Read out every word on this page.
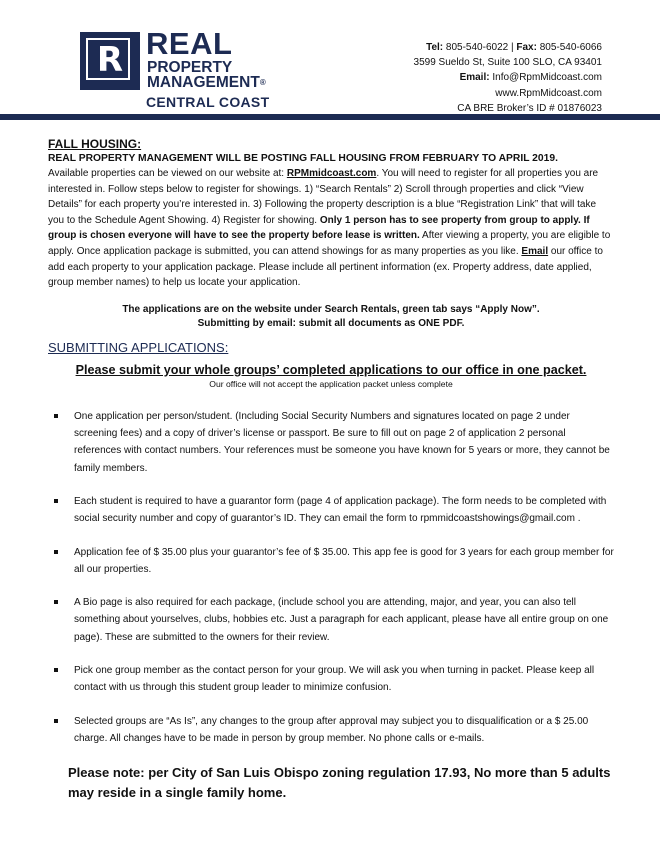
R REAL
PROPERTY
MANAGEMENT®
CENTRAL COAST
Tel: 805-540-6022 | Fax: 805-540-6066
3599 Sueldo St, Suite 100 SLO, CA 93401
Email: Info@RpmMidcoast.com
www.RpmMidcoast.com
CA BRE Broker’s ID # 01876023
FALL HOUSING:
REAL PROPERTY MANAGEMENT WILL BE POSTING FALL HOUSING FROM FEBRUARY TO APRIL 2019.
Available properties can be viewed on our website at: RPMmidcoast.com. You will need to register for all properties you are interested in. Follow steps below to register for showings. 1) “Search Rentals” 2) Scroll through properties and click “View Details” for each property you’re interested in. 3) Following the property description is a blue “Registration Link” that will take you to the Schedule Agent Showing. 4) Register for showing. Only 1 person has to see property from group to apply. If group is chosen everyone will have to see the property before lease is written. After viewing a property, you are eligible to apply. Once application package is submitted, you can attend showings for as many properties as you like. Email our office to add each property to your application package. Please include all pertinent information (ex. Property address, date applied, group member names) to help us locate your application.
The applications are on the website under Search Rentals, green tab says “Apply Now”.
Submitting by email: submit all documents as ONE PDF.
SUBMITTING APPLICATIONS:
Please submit your whole groups’ completed applications to our office in one packet.
Our office will not accept the application packet unless complete
One application per person/student. (Including Social Security Numbers and signatures located on page 2 under screening fees) and a copy of driver’s license or passport. Be sure to fill out on page 2 of application 2 personal references with contact numbers. Your references must be someone you have known for 5 years or more, they cannot be family members.
Each student is required to have a guarantor form (page 4 of application package). The form needs to be completed with social security number and copy of guarantor’s ID. They can email the form to rpmmidcoastshowings@gmail.com .
Application fee of $ 35.00 plus your guarantor’s fee of $ 35.00. This app fee is good for 3 years for each group member for all our properties.
A Bio page is also required for each package, (include school you are attending, major, and year, you can also tell something about yourselves, clubs, hobbies etc. Just a paragraph for each applicant, please have all entire group on one page). These are submitted to the owners for their review.
Pick one group member as the contact person for your group. We will ask you when turning in packet. Please keep all contact with us through this student group leader to minimize confusion.
Selected groups are “As Is”, any changes to the group after approval may subject you to disqualification or a $ 25.00 charge. All changes have to be made in person by group member. No phone calls or e-mails.
Please note: per City of San Luis Obispo zoning regulation 17.93, No more than 5 adults may reside in a single family home.
